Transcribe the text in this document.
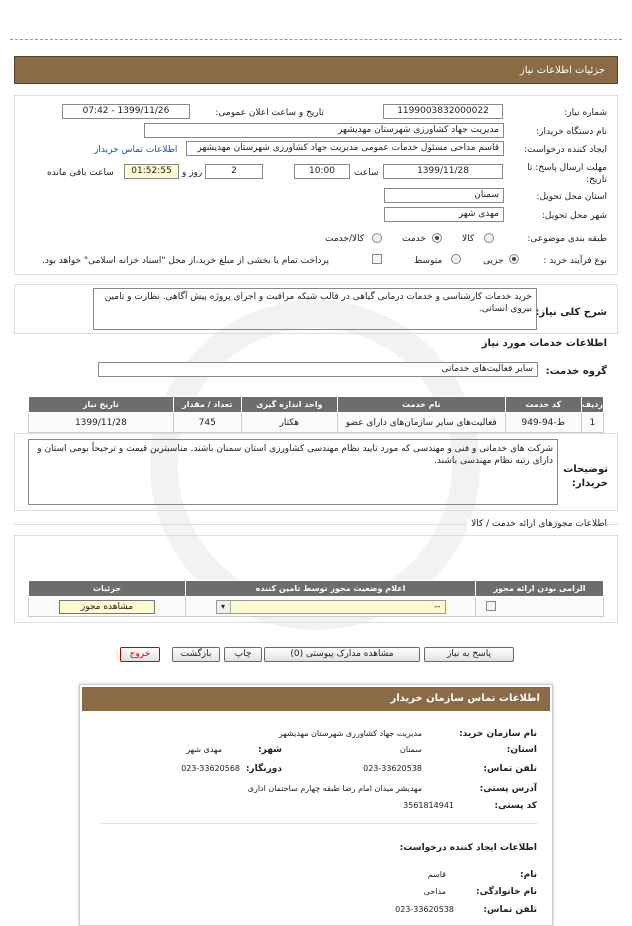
جزئیات اطلاعات نیاز
شماره نیاز:
1199003832000022
تاریخ و ساعت اعلان عمومی:
1399/11/26 - 07:42
نام دستگاه خریدار:
مدیریت جهاد کشاورزی شهرستان مهدیشهر
ایجاد کننده درخواست:
قاسم مداحی مسئول خدمات عمومی مدیریت جهاد کشاورزی شهرستان مهدیشهر
اطلاعات تماس خریدار
مهلت ارسال پاسخ: تا تاریخ:
1399/11/28
ساعت
10:00
2
روز و
01:52:55
ساعت باقی مانده
استان محل تحویل:
سمنان
شهر محل تحویل:
مهدی شهر
طبقه بندی موضوعی:
کالا
خدمت
کالا/خدمت
نوع فرآیند خرید :
جزیی
متوسط
پرداخت تمام یا بخشی از مبلغ خرید،از محل "اسناد خزانه اسلامی" خواهد بود.
شرح کلی نیاز:
خرید خدمات کارشناسی و خدمات درمانی گیاهی در قالب شبکه مراقبت و اجرای پروژه پیش آگاهی. نظارت و تامین نیروی انسانی.
اطلاعات خدمات مورد نیاز
گروه خدمت:
سایر فعالیت‌های خدماتی
ردیف	کد خدمت	نام خدمت	واحد اندازه گیری	تعداد / مقدار	تاریخ نیاز
1	ط-94-949	فعالیت‌های سایر سازمان‌های دارای عضو	هکتار	745	1399/11/28
توضیحات خریدار:
شرکت های خدماتی و فنی و مهندسی که مورد تایید نظام مهندسی کشاورزی استان سمنان باشند. مناسبترین قیمت و ترجیحاً بومی استان و دارای رتبه نظام مهندسی باشند.
اطلاعات مجوزهای ارائه خدمت / کالا
الزامی بودن ارائه مجوز	اعلام وضعیت مجوز توسط تامین کننده	جزئیات

	▾ --	مشاهده مجوز
پاسخ به نیاز
مشاهده مدارک پیوستی (0)
چاپ
بازگشت
خروج
اطلاعات تماس سازمان خریدار
نام سازمان خرید:
مدیریت جهاد کشاورزی شهرستان مهدیشهر
استان:
سمنان
شهر:
مهدی شهر
تلفن تماس:
023-33620538
دورنگار:
023-33620568
آدرس پستی:
مهدیشر میدان امام رضا طبقه چهارم ساختمان اداری
کد پستی:
3561814941
اطلاعات ایجاد کننده درخواست:
نام:
قاسم
نام خانوادگی:
مداحی
تلفن تماس:
023-33620538
